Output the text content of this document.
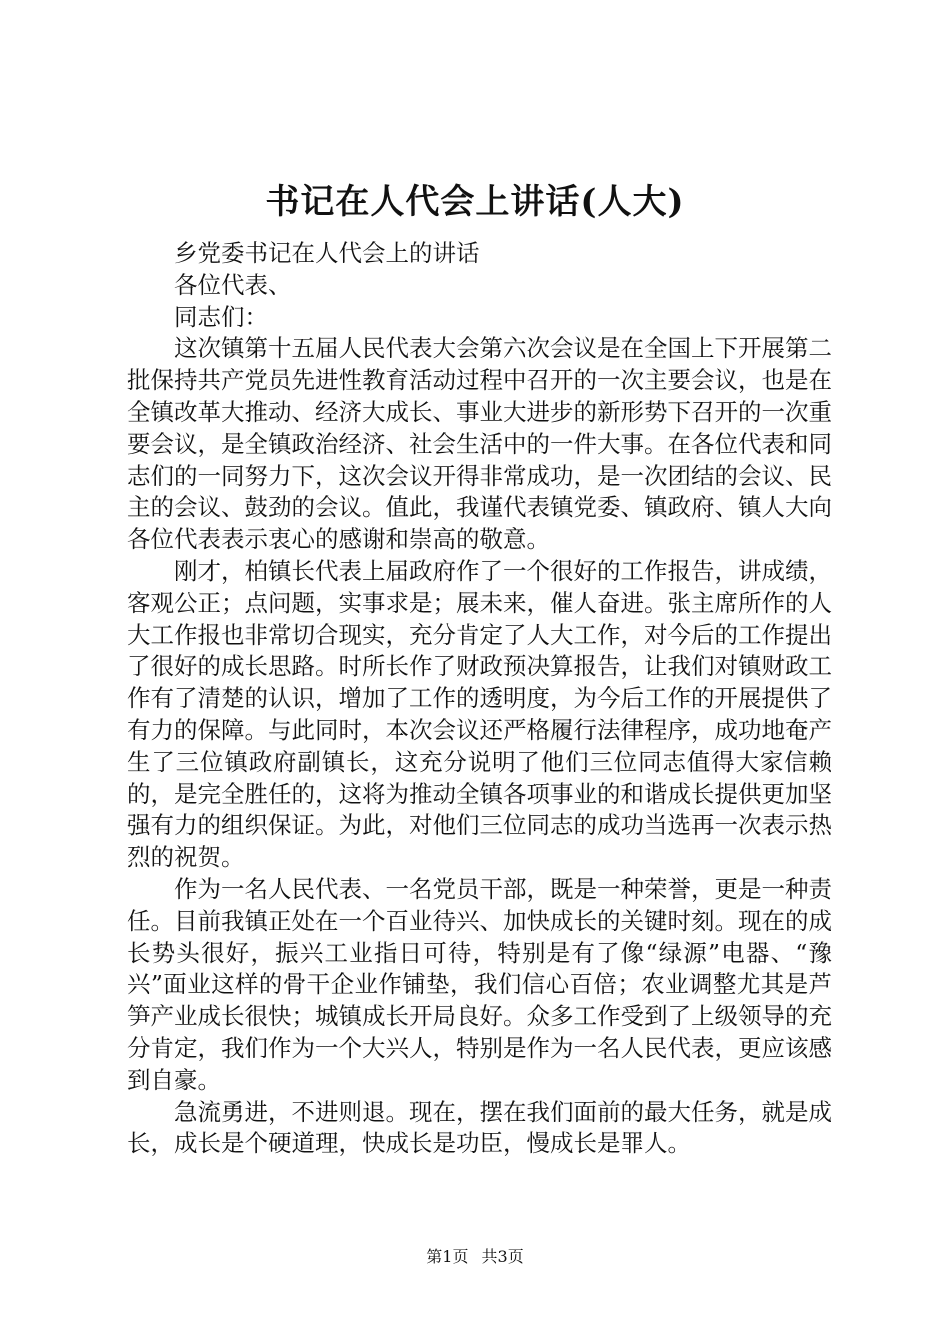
书记在人代会上讲话(人大)

乡党委书记在人代会上的讲话

各位代表、

同志们：

这次镇第十五届人民代表大会第六次会议是在全国上下开展第二批保持共产党员先进性教育活动过程中召开的一次主要会议，也是在全镇改革大推动、经济大成长、事业大进步的新形势下召开的一次重要会议，是全镇政治经济、社会生活中的一件大事。在各位代表和同志们的一同努力下，这次会议开得非常成功，是一次团结的会议、民主的会议、鼓劲的会议。值此，我谨代表镇党委、镇政府、镇人大向各位代表表示衷心的感谢和崇高的敬意。

刚才，柏镇长代表上届政府作了一个很好的工作报告，讲成绩，客观公正；点问题，实事求是；展未来，催人奋进。张主席所作的人大工作报也非常切合现实，充分肯定了人大工作，对今后的工作提出了很好的成长思路。时所长作了财政预决算报告，让我们对镇财政工作有了清楚的认识，增加了工作的透明度，为今后工作的开展提供了有力的保障。与此同时，本次会议还严格履行法律程序，成功地奄产生了三位镇政府副镇长，这充分说明了他们三位同志值得大家信赖的，是完全胜任的，这将为推动全镇各项事业的和谐成长提供更加坚强有力的组织保证。为此，对他们三位同志的成功当选再一次表示热烈的祝贺。

作为一名人民代表、一名党员干部，既是一种荣誉，更是一种责任。目前我镇正处在一个百业待兴、加快成长的关键时刻。现在的成长势头很好，振兴工业指日可待，特别是有了像“绿源”电器、“豫兴”面业这样的骨干企业作铺垫，我们信心百倍；农业调整尤其是芦笋产业成长很快；城镇成长开局良好。众多工作受到了上级领导的充分肯定，我们作为一个大兴人，特别是作为一名人民代表，更应该感到自豪。

急流勇进，不进则退。现在，摆在我们面前的最大任务，就是成长，成长是个硬道理，快成长是功臣，慢成长是罪人。

第1页 共3页
